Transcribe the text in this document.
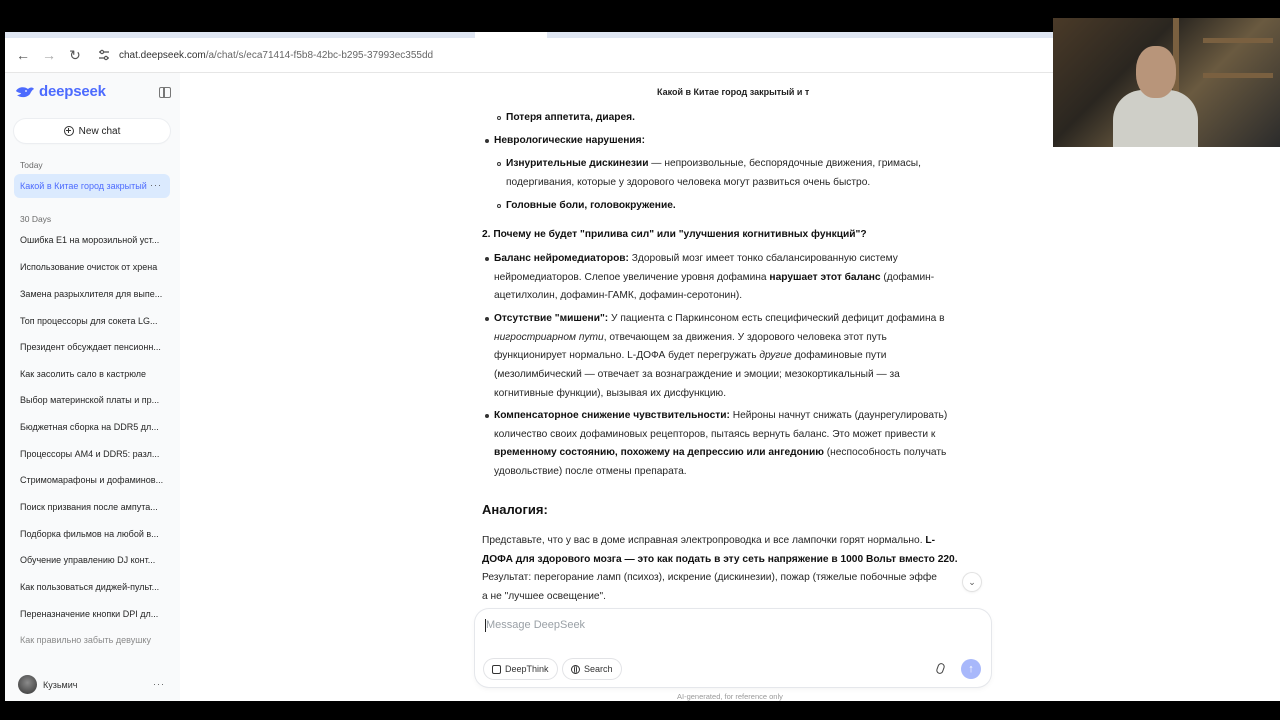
← → ↻	chat.deepseek.com/a/chat/s/eca71414-f5b8-42bc-b295-37993ec355dd
deepseek
New chat
Today
Какой в Китае город закрытый ···
30 Days
Ошибка E1 на морозильной уст...
Использование очисток от хрена
Замена разрыхлителя для выпе...
Топ процессоры для сокета LG...
Президент обсуждает пенсионн...
Как засолить сало в кастрюле
Выбор материнской платы и пр...
Бюджетная сборка на DDR5 дл...
Процессоры AM4 и DDR5: разл...
Стримомарафоны и дофаминов...
Поиск призвания после ампута...
Подборка фильмов на любой в...
Обучение управлению DJ конт...
Как пользоваться диджей-пульт...
Переназначение кнопки DPI дл...
Как правильно забыть девушку
Кузьмич	···
Какой в Китае город закрытый и т
Потеря аппетита, диарея.
Неврологические нарушения:
Изнурительные дискинезии — непроизвольные, беспорядочные движения, гримасы, подергивания, которые у здорового человека могут развиться очень быстро.
Головные боли, головокружение.
2. Почему не будет "прилива сил" или "улучшения когнитивных функций"?
Баланс нейромедиаторов: Здоровый мозг имеет тонко сбалансированную систему нейромедиаторов. Слепое увеличение уровня дофамина нарушает этот баланс (дофамин-ацетилхолин, дофамин-ГАМК, дофамин-серотонин).
Отсутствие "мишени": У пациента с Паркинсоном есть специфический дефицит дофамина в нигростриарном пути, отвечающем за движения. У здорового человека этот путь функционирует нормально. L-ДОФА будет перегружать другие дофаминовые пути (мезолимбический — отвечает за вознаграждение и эмоции; мезокортикальный — за когнитивные функции), вызывая их дисфункцию.
Компенсаторное снижение чувствительности: Нейроны начнут снижать (даунрегулировать) количество своих дофаминовых рецепторов, пытаясь вернуть баланс. Это может привести к временному состоянию, похожему на депрессию или ангедонию (неспособность получать удовольствие) после отмены препарата.
Аналогия:
Представьте, что у вас в доме исправная электропроводка и все лампочки горят нормально. L-ДОФА для здорового мозга — это как подать в эту сеть напряжение в 1000 Вольт вместо 220. Результат: перегорание ламп (психоз), искрение (дискинезии), пожар (тяжелые побочные эффе
а не "лучшее освещение".
⌄
Message DeepSeek
DeepThink	Search	↑
AI-generated, for reference only
